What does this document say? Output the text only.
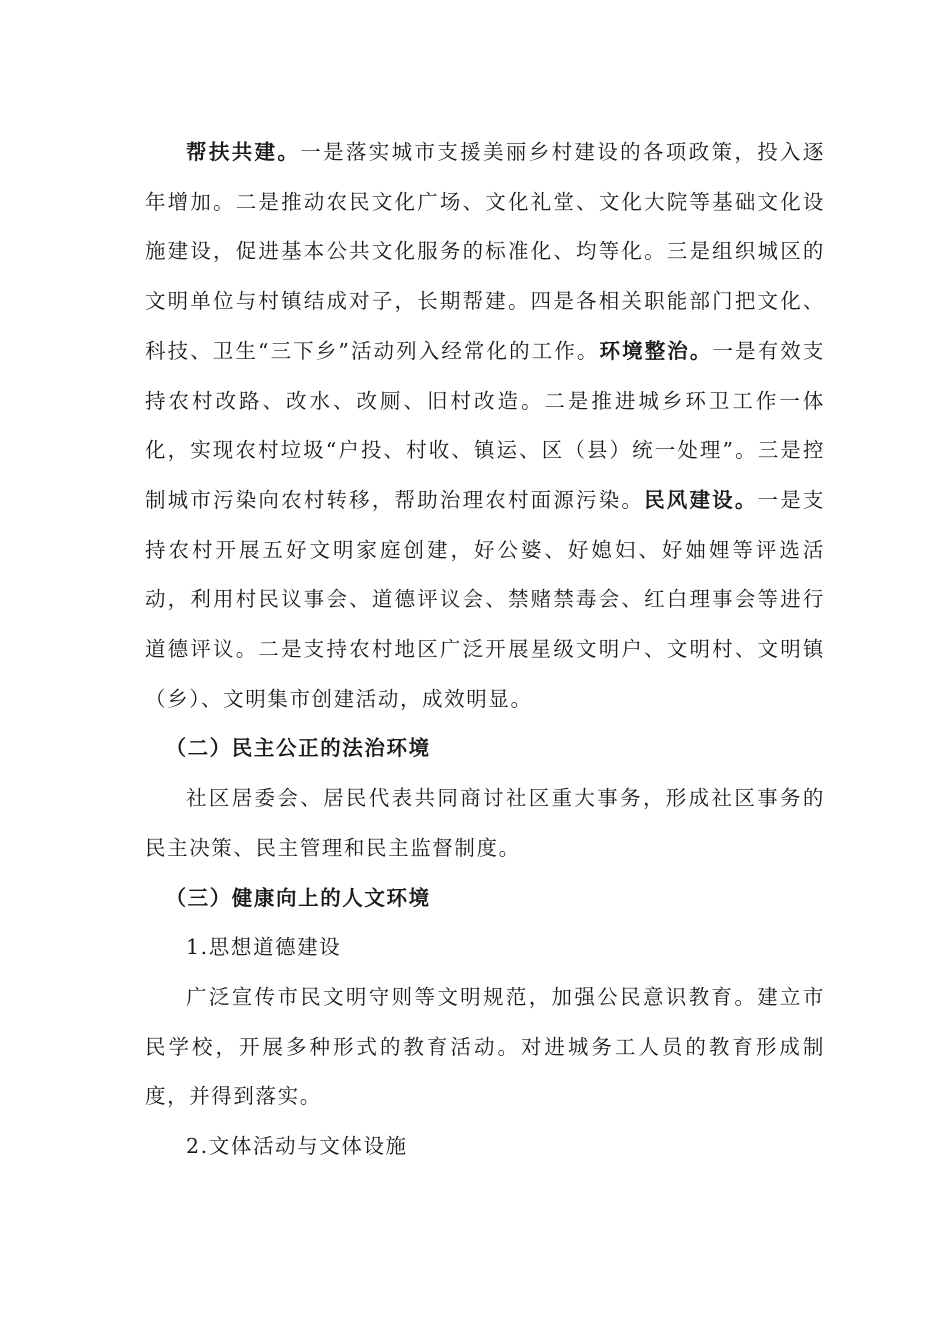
帮扶共建。一是落实城市支援美丽乡村建设的各项政策，投入逐年增加。二是推动农民文化广场、文化礼堂、文化大院等基础文化设施建设，促进基本公共文化服务的标准化、均等化。三是组织城区的文明单位与村镇结成对子，长期帮建。四是各相关职能部门把文化、科技、卫生“三下乡”活动列入经常化的工作。环境整治。一是有效支持农村改路、改水、改厕、旧村改造。二是推进城乡环卫工作一体化，实现农村垃圾“户投、村收、镇运、区（县）统一处理”。三是控制城市污染向农村转移，帮助治理农村面源污染。民风建设。一是支持农村开展五好文明家庭创建，好公婆、好媳妇、好妯娌等评选活动，利用村民议事会、道德评议会、禁赌禁毒会、红白理事会等进行道德评议。二是支持农村地区广泛开展星级文明户、文明村、文明镇（乡）、文明集市创建活动，成效明显。

（二）民主公正的法治环境

社区居委会、居民代表共同商讨社区重大事务，形成社区事务的民主决策、民主管理和民主监督制度。

（三）健康向上的人文环境

1.思想道德建设

广泛宣传市民文明守则等文明规范，加强公民意识教育。建立市民学校，开展多种形式的教育活动。对进城务工人员的教育形成制度，并得到落实。

2.文体活动与文体设施
